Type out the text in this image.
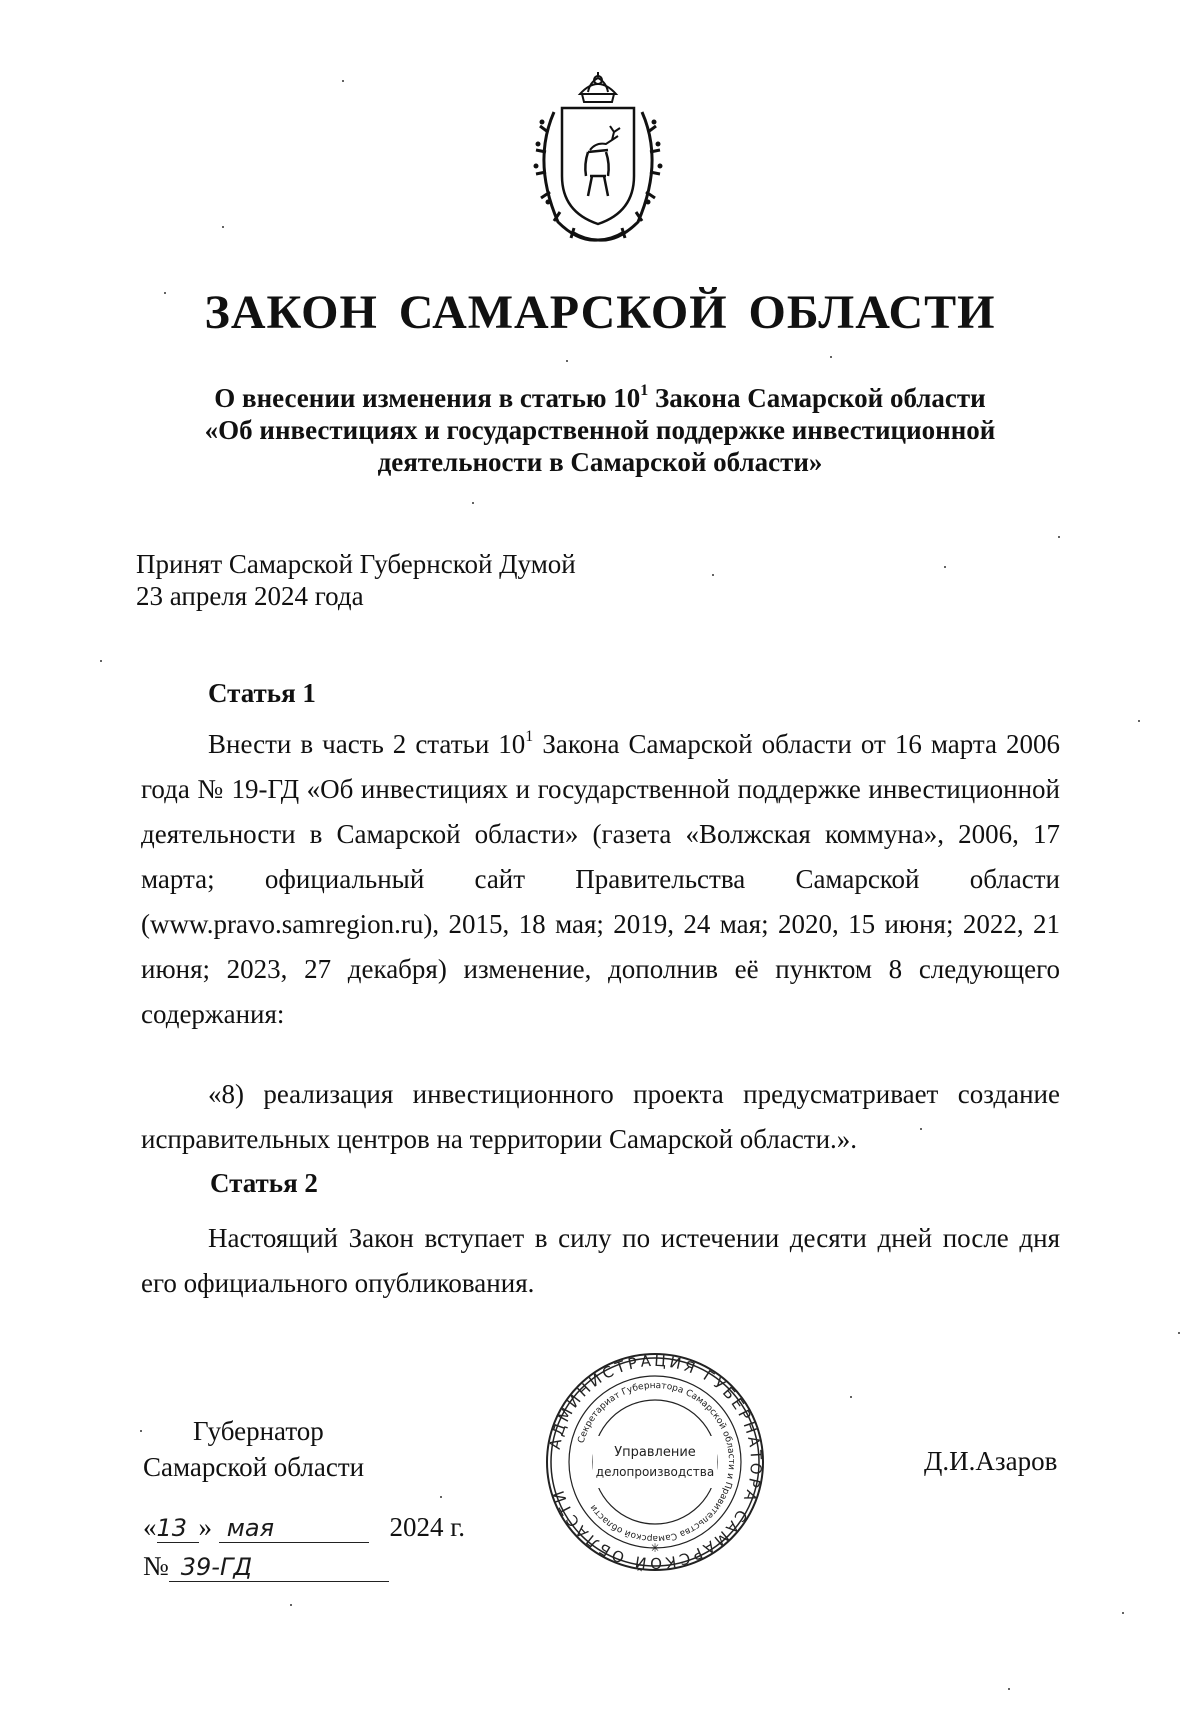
ЗАКОН САМАРСКОЙ ОБЛАСТИ
О внесении изменения в статью $10^1$ Закона Самарской области
«Об инвестициях и государственной поддержке инвестиционной
деятельности в Самарской области»
Принят Самарской Губернской Думой
23 апреля 2024 года
Статья 1
Внести в часть 2 статьи $10^1$ Закона Самарской области от 16 марта 2006 года № 19-ГД «Об инвестициях и государственной поддержке инвестиционной деятельности в Самарской области» (газета «Волжская коммуна», 2006, 17 марта; официальный сайт Правительства Самарской области (www.pravo.samregion.ru), 2015, 18 мая; 2019, 24 мая; 2020, 15 июня; 2022, 21 июня; 2023, 27 декабря) изменение, дополнив её пунктом 8 следующего содержания:
«8) реализация инвестиционного проекта предусматривает создание исправительных центров на территории Самарской области.».
Статья 2
Настоящий Закон вступает в силу по истечении десяти дней после дня его официального опубликования.
Губернатор
Самарской области	Д.И.Азаров
«13 » мая	2024 г.
№ 39-ГД
АДМИНИСТРАЦИЯ ГУБЕРНАТОРА САМАРСКОЙ ОБЛАСТИ
Секретариат Губернатора Самарской области и Правительства Самарской области
Управление
делопроизводства
✳
